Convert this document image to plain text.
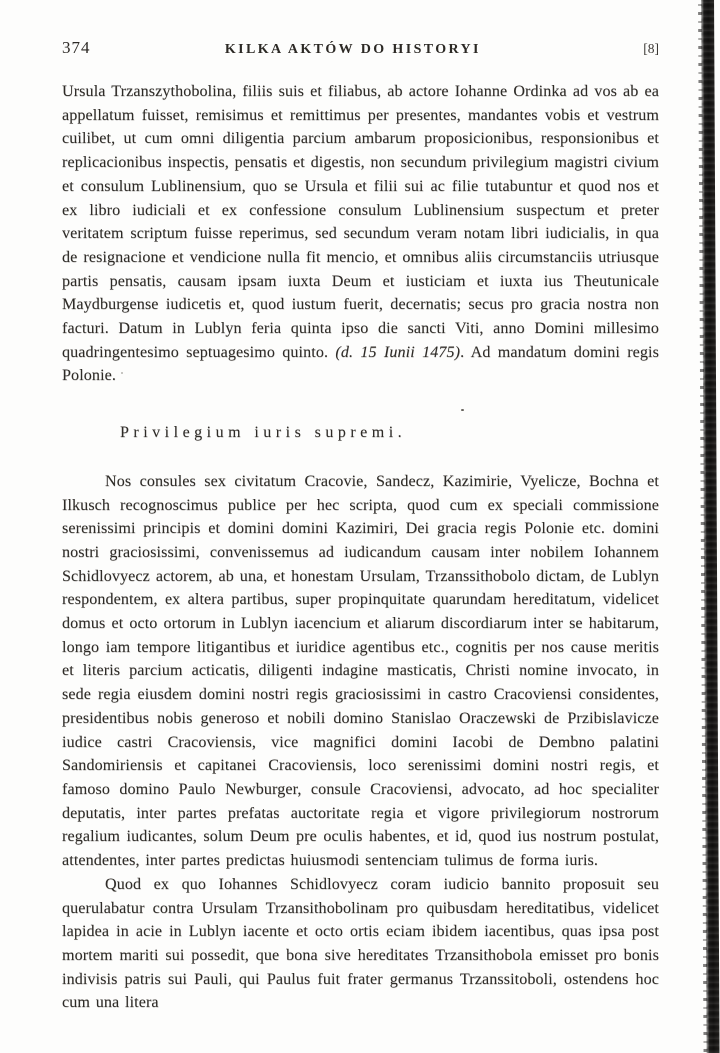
374	KILKA AKTÓW DO HISTORYI	[8]

Ursula Trzanszythobolina, filiis suis et filiabus, ab actore Iohanne Ordinka ad vos ab ea appellatum fuisset, remisimus et remittimus per presentes, mandantes vobis et vestrum cuilibet, ut cum omni diligentia parcium ambarum proposicionibus, responsionibus et replicacionibus inspectis, pensatis et digestis, non secundum privilegium magistri civium et consulum Lublinensium, quo se Ursula et filii sui ac filie tutabuntur et quod nos et ex libro iudiciali et ex confessione consulum Lublinensium suspectum et preter veritatem scriptum fuisse reperimus, sed secundum veram notam libri iudicialis, in qua de resignacione et vendicione nulla fit mencio, et omnibus aliis circumstanciis utriusque partis pensatis, causam ipsam iuxta Deum et iusticiam et iuxta ius Theutunicale Maydburgense iudicetis et, quod iustum fuerit, decernatis; secus pro gracia nostra non facturi. Datum in Lublyn feria quinta ipso die sancti Viti, anno Domini millesimo quadringentesimo septuagesimo quinto. (d. 15 Iunii 1475). Ad mandatum domini regis Polonie.

Privilegium iuris supremi.

Nos consules sex civitatum Cracovie, Sandecz, Kazimirie, Vyelicze, Bochna et Ilkusch recognoscimus publice per hec scripta, quod cum ex speciali commissione serenissimi principis et domini domini Kazimiri, Dei gracia regis Polonie etc. domini nostri graciosissimi, convenissemus ad iudicandum causam inter nobilem Iohannem Schidlovyecz actorem, ab una, et honestam Ursulam, Trzanssithobolo dictam, de Lublyn respondentem, ex altera partibus, super propinquitate quarundam hereditatum, videlicet domus et octo ortorum in Lublyn iacencium et aliarum discordiarum inter se habitarum, longo iam tempore litigantibus et iuridice agentibus etc., cognitis per nos cause meritis et literis parcium acticatis, diligenti indagine masticatis, Christi nomine invocato, in sede regia eiusdem domini nostri regis graciosissimi in castro Cracoviensi considentes, presidentibus nobis generoso et nobili domino Stanislao Oraczewski de Przibislavicze iudice castri Cracoviensis, vice magnifici domini Iacobi de Dembno palatini Sandomiriensis et capitanei Cracoviensis, loco serenissimi domini nostri regis, et famoso domino Paulo Newburger, consule Cracoviensi, advocato, ad hoc specialiter deputatis, inter partes prefatas auctoritate regia et vigore privilegiorum nostrorum regalium iudicantes, solum Deum pre oculis habentes, et id, quod ius nostrum postulat, attendentes, inter partes predictas huiusmodi sentenciam tulimus de forma iuris.

Quod ex quo Iohannes Schidlovyecz coram iudicio bannito proposuit seu querulabatur contra Ursulam Trzansithobolinam pro quibusdam hereditatibus, videlicet lapidea in acie in Lublyn iacente et octo ortis eciam ibidem iacentibus, quas ipsa post mortem mariti sui possedit, que bona sive hereditates Trzansithobola emisset pro bonis indivisis patris sui Pauli, qui Paulus fuit frater germanus Trzanssitoboli, ostendens hoc cum una litera
